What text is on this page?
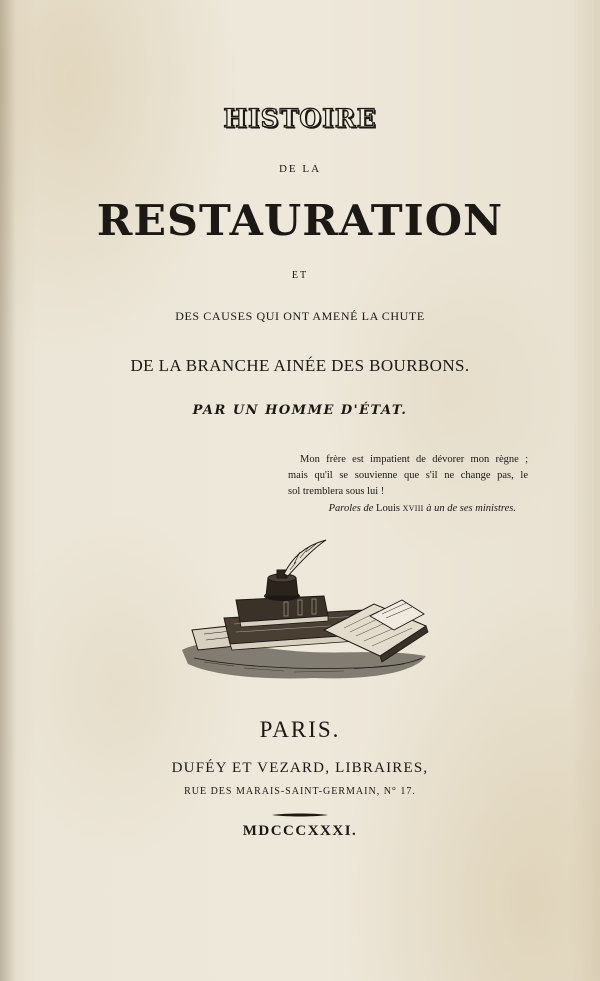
HISTOIRE
DE LA
RESTAURATION
ET
DES CAUSES QUI ONT AMENÉ LA CHUTE
DE LA BRANCHE AINÉE DES BOURBONS.
PAR UN HOMME D'ÉTAT.
Mon frère est impatient de dévorer mon règne ;
mais qu'il se souvienne que s'il ne change pas, le
sol tremblera sous lui !
Paroles de Louis XVIII à un de ses ministres.
PARIS.
DUFÉY ET VEZARD, LIBRAIRES,
RUE DES MARAIS-SAINT-GERMAIN, N° 17.
MDCCCXXXI.
